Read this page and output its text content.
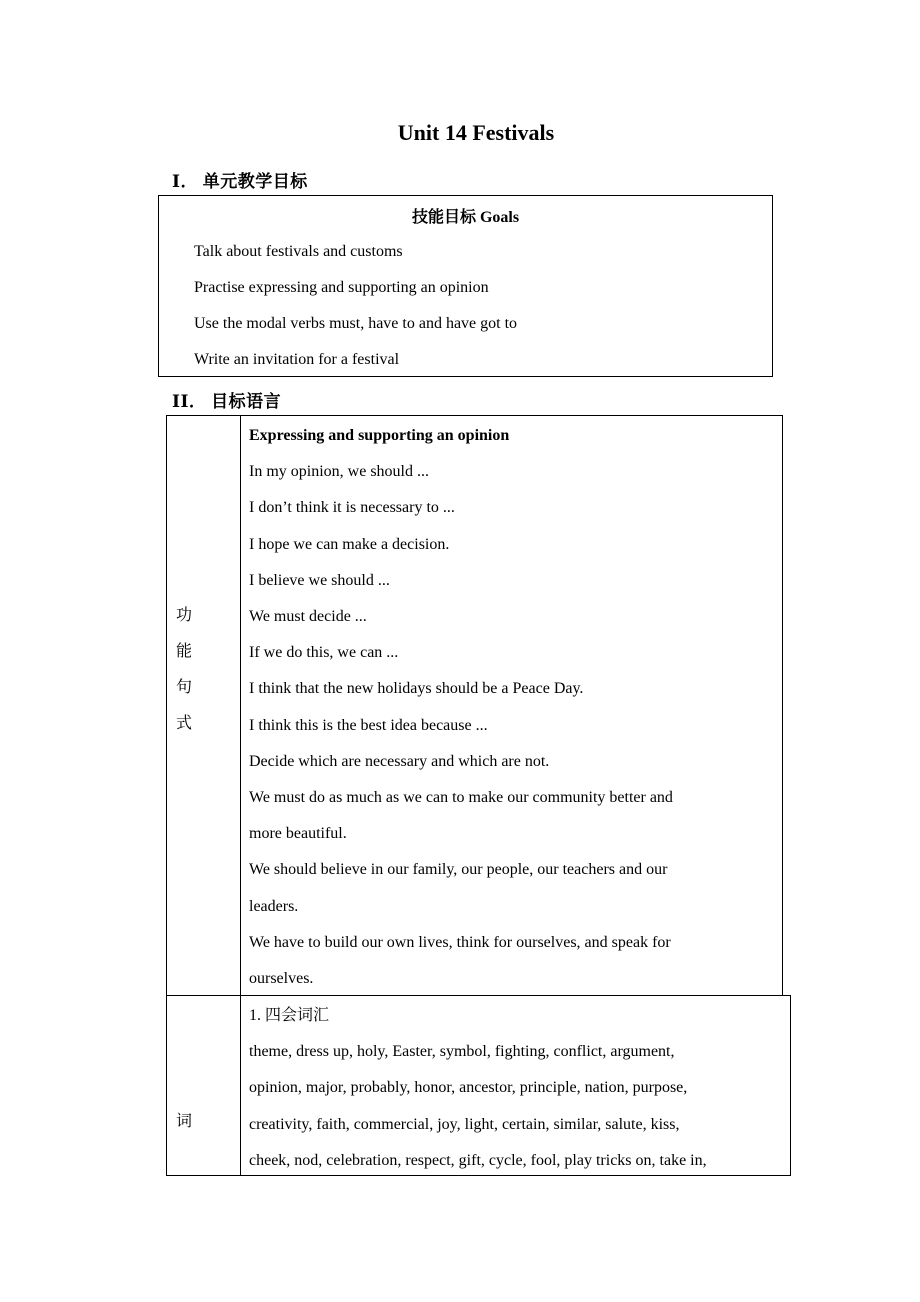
Unit 14 Festivals
Ⅰ． 单元教学目标
技能目标 Goals
Talk about festivals and customs
Practise expressing and supporting an opinion
Use the modal verbs must, have to and have got to
Write an invitation for a festival
ⅠⅠ． 目标语言
功
能
句
式
Expressing and supporting an opinion
In my opinion, we should ...
I don’t think it is necessary to ...
I hope we can make a decision.
I believe we should ...
We must decide ...
If we do this, we can ...
I think that the new holidays should be a Peace Day.
I think this is the best idea because ...
Decide which are necessary and which are not.
We must do as much as we can to make our community better and
more beautiful.
We should believe in our family, our people, our teachers and our
leaders.
We have to build our own lives, think for ourselves, and speak for
ourselves.
词
1. 四会词汇
theme, dress up, holy, Easter, symbol, fighting, conflict, argument,
opinion, major, probably, honor, ancestor, principle, nation, purpose,
creativity, faith, commercial, joy, light, certain, similar, salute, kiss,
cheek, nod, celebration, respect, gift, cycle, fool, play tricks on, take in,
